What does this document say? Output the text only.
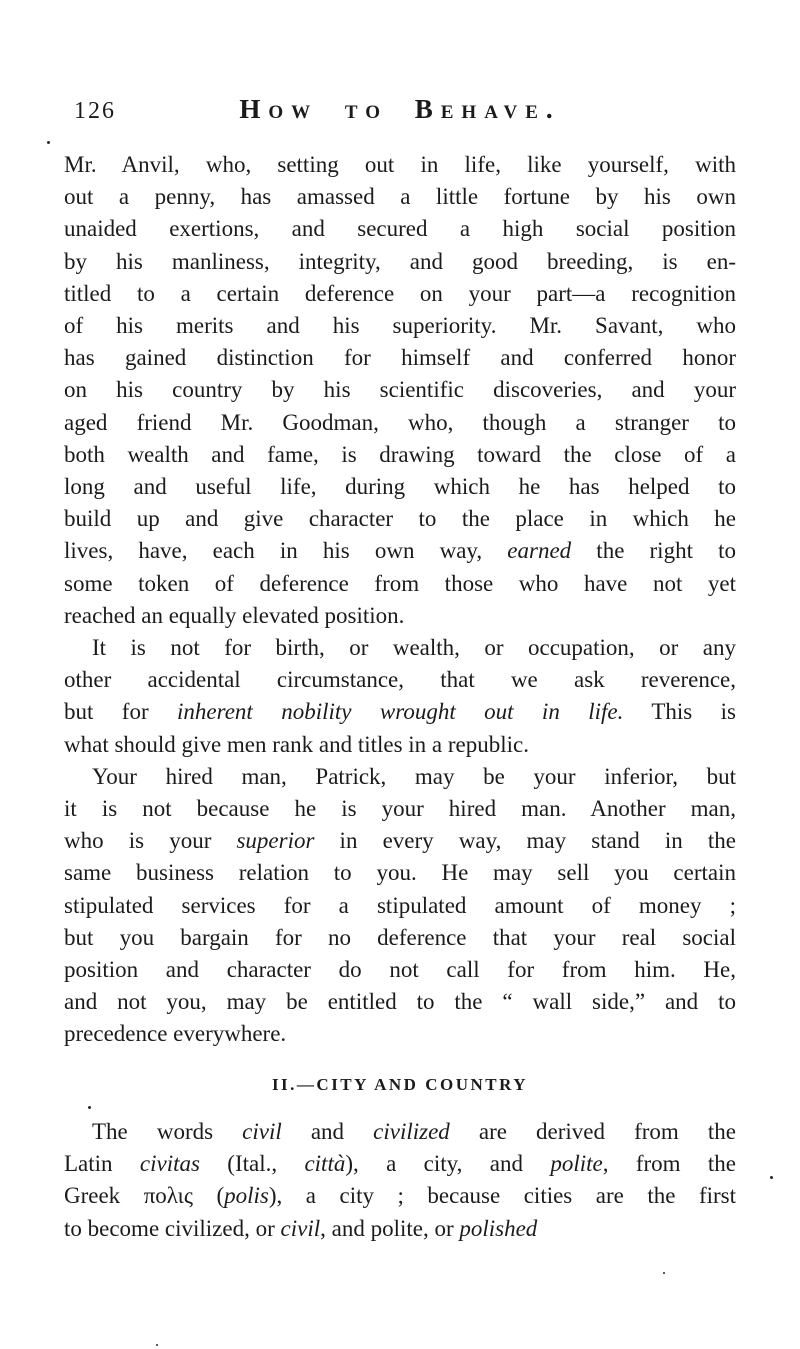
126	How to Behave.
Mr. Anvil, who, setting out in life, like yourself, with
out a penny, has amassed a little fortune by his own
unaided exertions, and secured a high social position
by his manliness, integrity, and good breeding, is en-
titled to a certain deference on your part—a recognition
of his merits and his superiority. Mr. Savant, who
has gained distinction for himself and conferred honor
on his country by his scientific discoveries, and your
aged friend Mr. Goodman, who, though a stranger to
both wealth and fame, is drawing toward the close of a
long and useful life, during which he has helped to
build up and give character to the place in which he
lives, have, each in his own way, earned the right to
some token of deference from those who have not yet
reached an equally elevated position.
It is not for birth, or wealth, or occupation, or any
other accidental circumstance, that we ask reverence,
but for inherent nobility wrought out in life. This is
what should give men rank and titles in a republic.
Your hired man, Patrick, may be your inferior, but
it is not because he is your hired man. Another man,
who is your superior in every way, may stand in the
same business relation to you. He may sell you certain
stipulated services for a stipulated amount of money ;
but you bargain for no deference that your real social
position and character do not call for from him. He,
and not you, may be entitled to the “ wall side,” and to
precedence everywhere.
II.—CITY AND COUNTRY
The words civil and civilized are derived from the
Latin civitas (Ital., città), a city, and polite, from the
Greek πολις (polis), a city ; because cities are the first
to become civilized, or civil, and polite, or polished
